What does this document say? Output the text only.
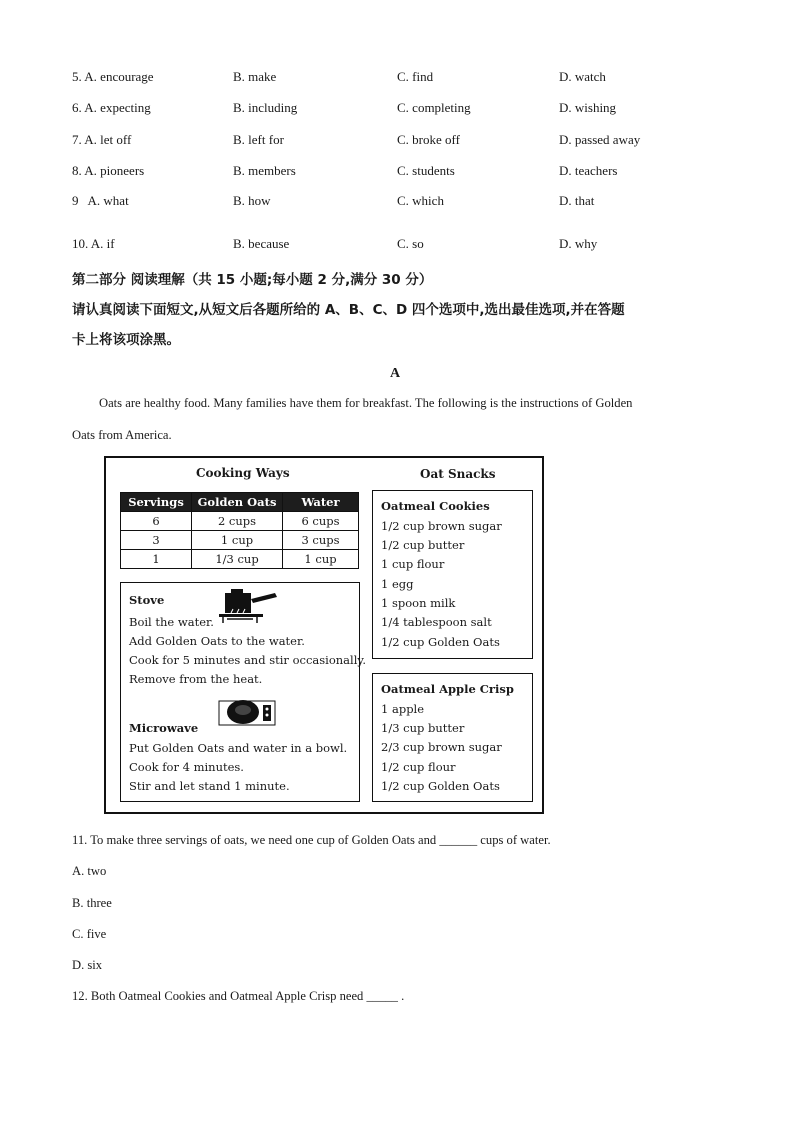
5. A. encourage	B. make	C. find	D. watch
6. A. expecting	B. including	C. completing	D. wishing
7. A. let off	B. left for	C. broke off	D. passed away
8. A. pioneers	B. members	C. students	D. teachers
9   A. what	B. how	C. which	D. that
10. A. if	B. because	C. so	D. why
第二部分 阅读理解（共 15 小题;每小题 2 分,满分 30 分）
请认真阅读下面短文,从短文后各题所给的 A、B、C、D 四个选项中,选出最佳选项,并在答题
卡上将该项涂黑。
A
Oats are healthy food. Many families have them for breakfast. The following is the instructions of Golden
Oats from America.
Cooking Ways	Oat Snacks
Servings	Golden Oats	Water
6	2 cups	6 cups
3	1 cup	3 cups
1	1/3 cup	1 cup
Stove
Boil the water.
Add Golden Oats to the water.
Cook for 5 minutes and stir occasionally.
Remove from the heat.
Microwave
Put Golden Oats and water in a bowl.
Cook for 4 minutes.
Stir and let stand 1 minute.
Oatmeal Cookies
1/2 cup brown sugar
1/2 cup butter
1 cup flour
1 egg
1 spoon milk
1/4 tablespoon salt
1/2 cup Golden Oats
Oatmeal Apple Crisp
1 apple
1/3 cup butter
2/3 cup brown sugar
1/2 cup flour
1/2 cup Golden Oats
11. To make three servings of oats, we need one cup of Golden Oats and ______ cups of water.
A. two
B. three
C. five
D. six
12. Both Oatmeal Cookies and Oatmeal Apple Crisp need _____ .
